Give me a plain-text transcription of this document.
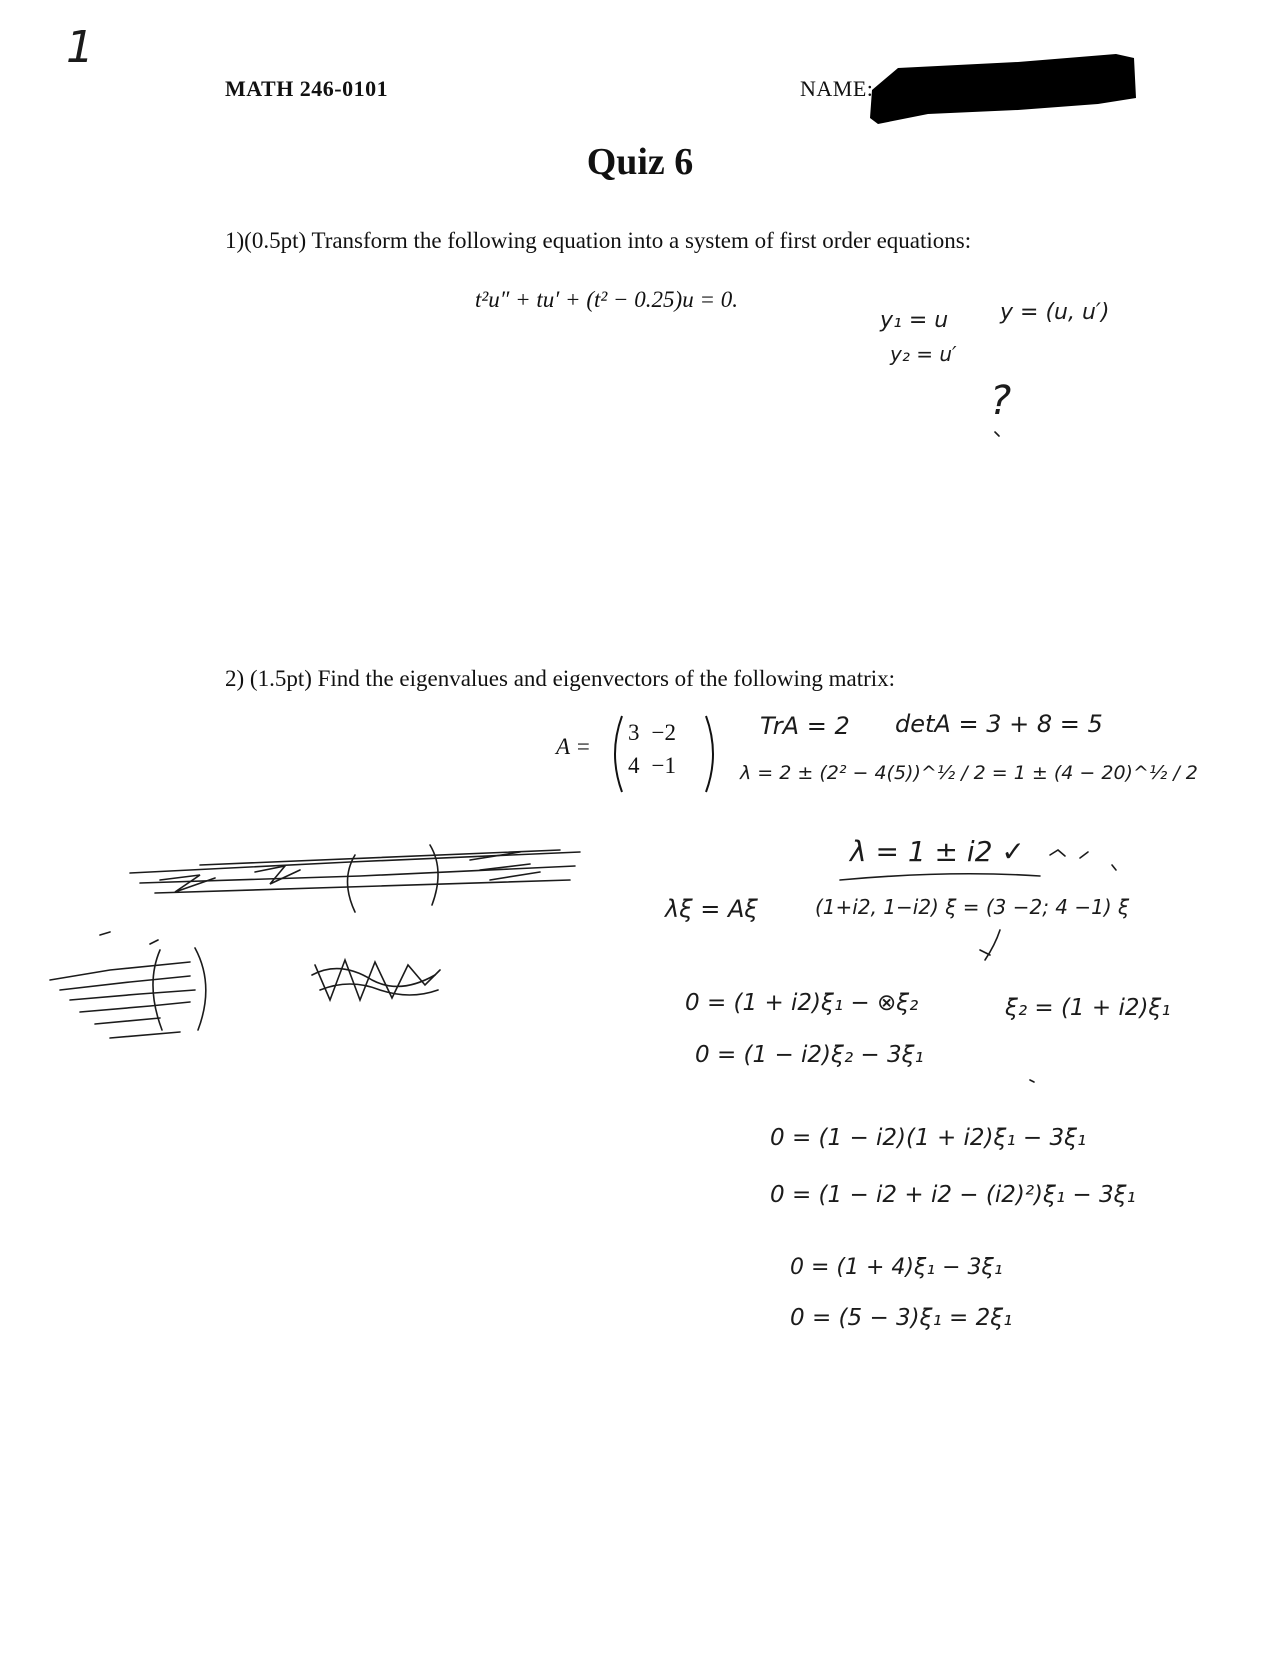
1
MATH 246-0101	NAME:
Quiz 6
1)(0.5pt) Transform the following equation into a system of first order equations:
t²u″ + tu′ + (t² − 0.25)u = 0.
2) (1.5pt) Find the eigenvalues and eigenvectors of the following matrix:
A =
3	−2
4	−1
y₁ = u
y₂ = u′
y = (u, u′)
?
TrA = 2 detA = 3 + 8 = 5
λ = 2 ± (2² − 4(5))^½ / 2 = 1 ± (4 − 20)^½ / 2
λ = 1 ± i2 ✓
λξ = Aξ	(1+i2, 1−i2) ξ = (3 −2; 4 −1) ξ
0 = (1 + i2)ξ₁ − ⊗ξ₂	ξ₂ = (1 + i2)ξ₁
0 = (1 − i2)ξ₂ − 3ξ₁
0 = (1 − i2)(1 + i2)ξ₁ − 3ξ₁
0 = (1 − i2 + i2 − (i2)²)ξ₁ − 3ξ₁
0 = (1 + 4)ξ₁ − 3ξ₁
0 = (5 − 3)ξ₁ = 2ξ₁
